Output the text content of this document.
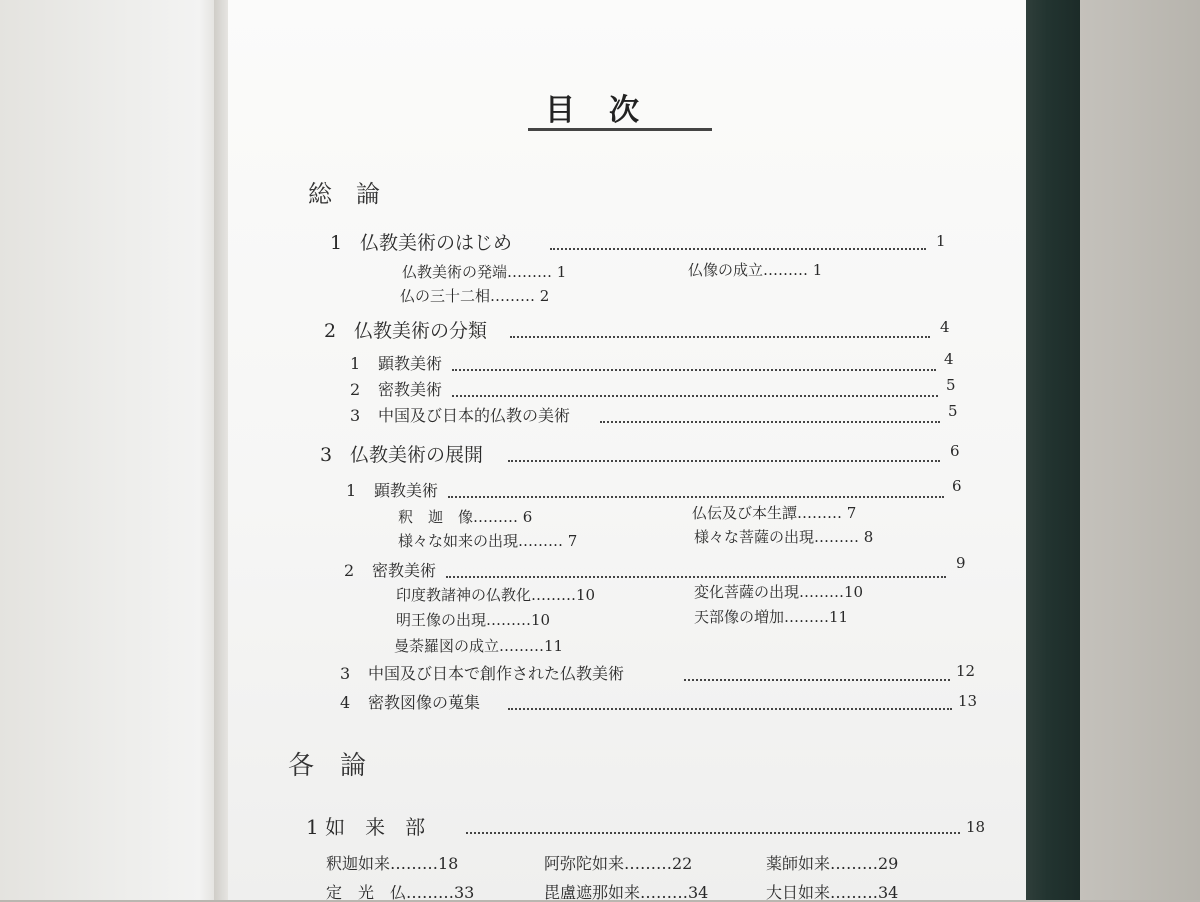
目　次
総　論
1 仏教美術のはじめ	1
仏教美術の発端……… 1	仏像の成立……… 1
仏の三十二相……… 2
2 仏教美術の分類	4
1 顕教美術	4
2 密教美術	5
3 中国及び日本的仏教の美術	5
3 仏教美術の展開	6
1 顕教美術	6
釈　迦　像……… 6	仏伝及び本生譚……… 7
様々な如来の出現……… 7	様々な菩薩の出現……… 8
2 密教美術	9
印度教諸神の仏教化………10	変化菩薩の出現………10
明王像の出現………10	天部像の増加………11
曼荼羅図の成立………11
3 中国及び日本で創作された仏教美術	12
4 密教図像の蒐集	13
各　論
1 如　来　部	18
釈迦如来………18	阿弥陀如来………22	薬師如来………29
定　光　仏………33	毘盧遮那如来………34	大日如来………34
